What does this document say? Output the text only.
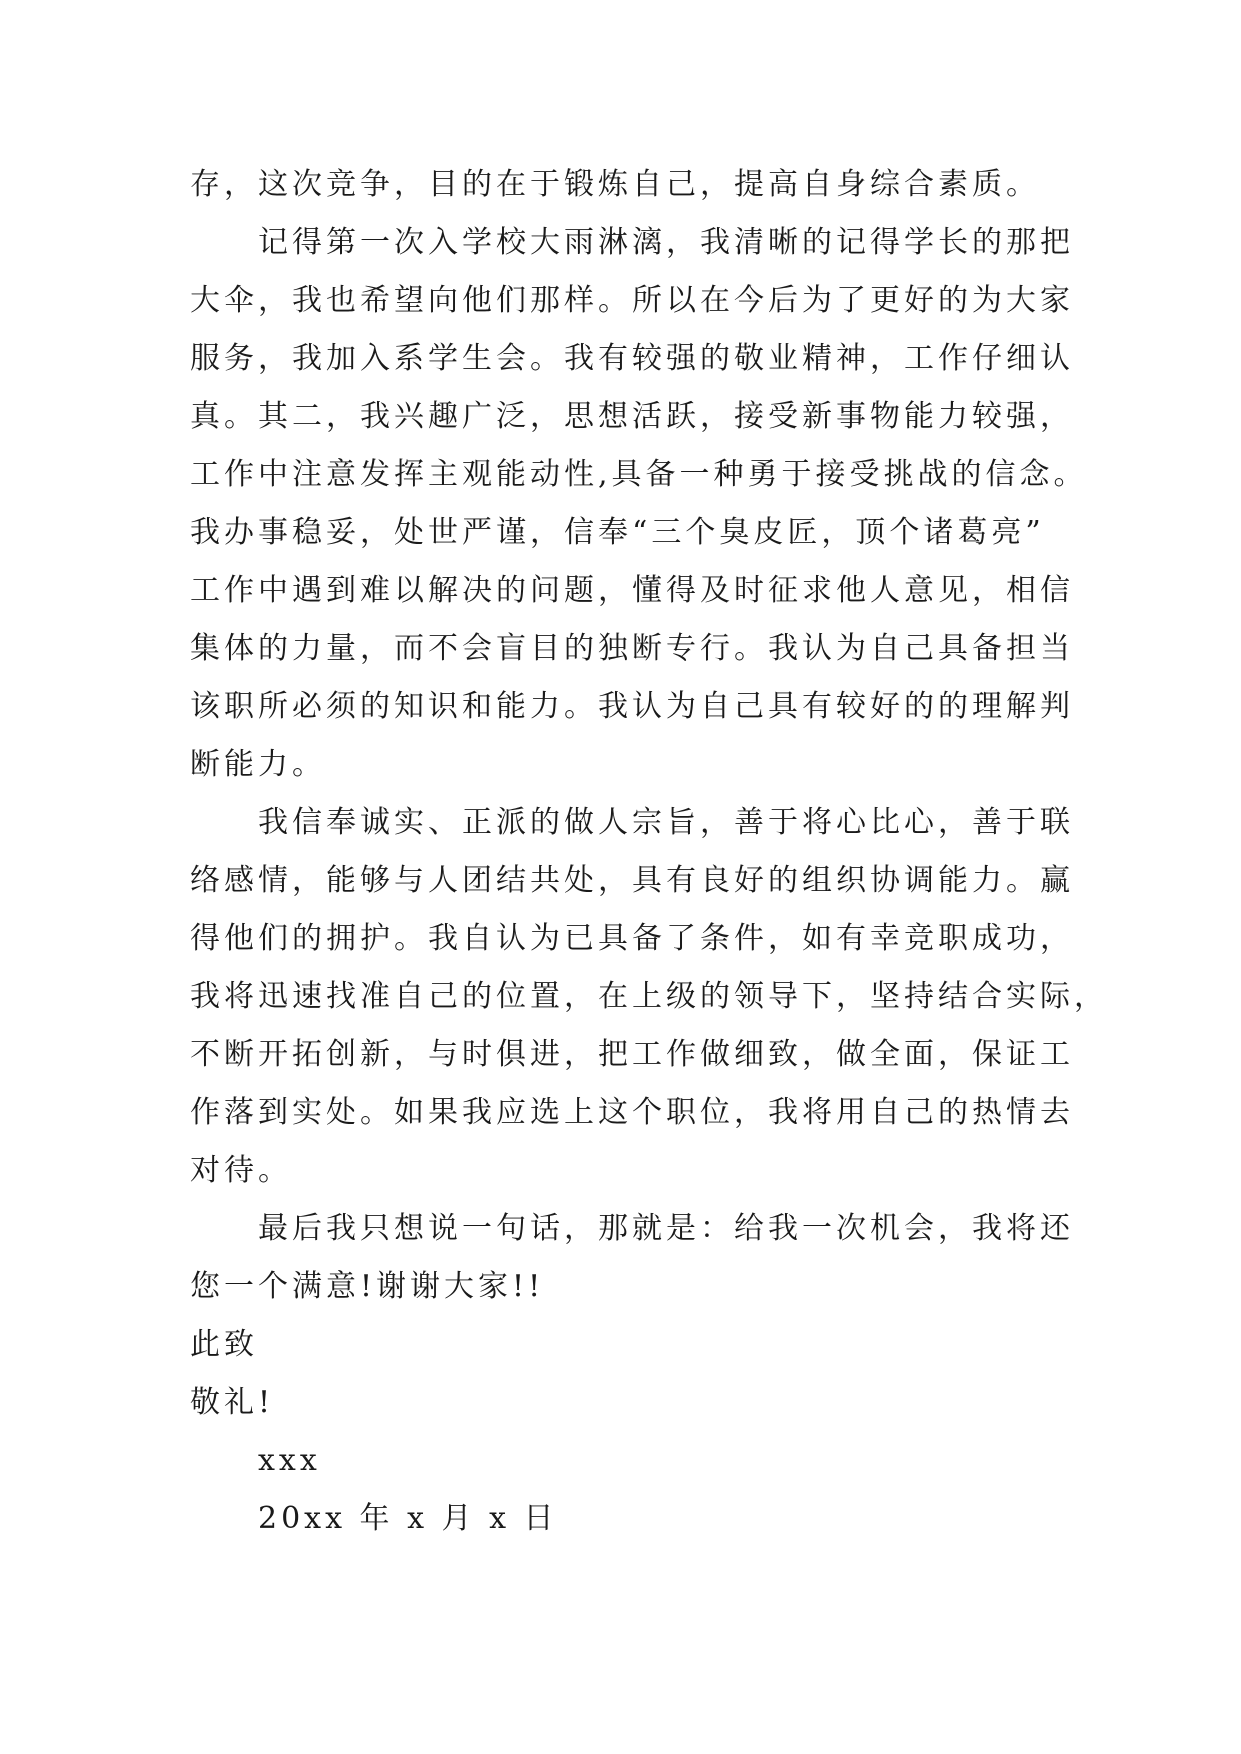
存，这次竞争，目的在于锻炼自己，提高自身综合素质。
记得第一次入学校大雨淋漓，我清晰的记得学长的那把
大伞，我也希望向他们那样。所以在今后为了更好的为大家
服务，我加入系学生会。我有较强的敬业精神，工作仔细认
真。其二，我兴趣广泛，思想活跃，接受新事物能力较强，
工作中注意发挥主观能动性,具备一种勇于接受挑战的信念。
我办事稳妥，处世严谨，信奉“三个臭皮匠，顶个诸葛亮”
工作中遇到难以解决的问题，懂得及时征求他人意见，相信
集体的力量，而不会盲目的独断专行。我认为自己具备担当
该职所必须的知识和能力。我认为自己具有较好的的理解判
断能力。
我信奉诚实、正派的做人宗旨，善于将心比心，善于联
络感情，能够与人团结共处，具有良好的组织协调能力。赢
得他们的拥护。我自认为已具备了条件，如有幸竞职成功，
我将迅速找准自己的位置，在上级的领导下，坚持结合实际，
不断开拓创新，与时俱进，把工作做细致，做全面，保证工
作落到实处。如果我应选上这个职位，我将用自己的热情去
对待。
最后我只想说一句话，那就是：给我一次机会，我将还
您一个满意!谢谢大家!!
此致
敬礼!
xxx
20xx 年 x 月 x 日
